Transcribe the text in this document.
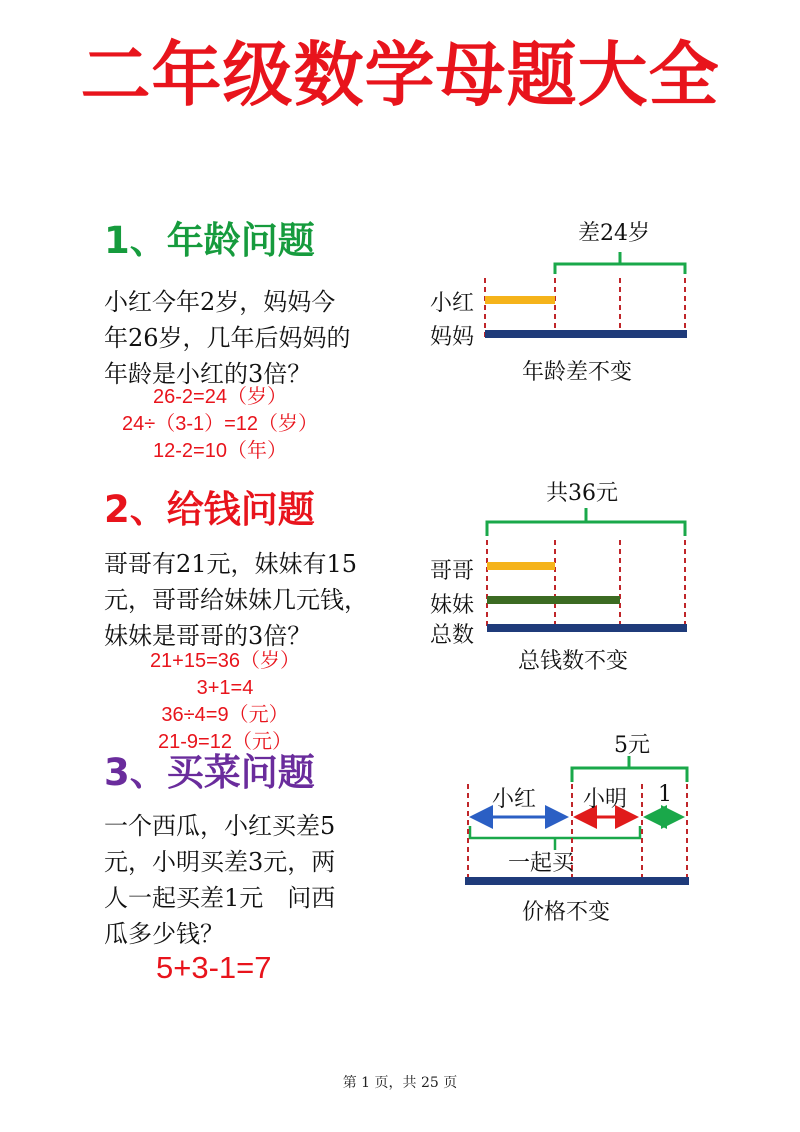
二年级数学母题大全
1、年龄问题
小红今年2岁，妈妈今
年26岁，几年后妈妈的
年龄是小红的3倍？
26-2=24（岁）
24÷（3-1）=12（岁）
12-2=10（年）
差24岁
小红
妈妈
年龄差不变
2、给钱问题
哥哥有21元，妹妹有15
元，哥哥给妹妹几元钱，
妹妹是哥哥的3倍？
21+15=36（岁）
3+1=4
36÷4=9（元）
21-9=12（元）
共36元
哥哥
妹妹
总数
总钱数不变
3、买菜问题
一个西瓜，小红买差5
元，小明买差3元，两
人一起买差1元　问西
瓜多少钱？
5+3-1=7
5元
小红 小明 1
一起买
价格不变
第 1 页，共 25 页
